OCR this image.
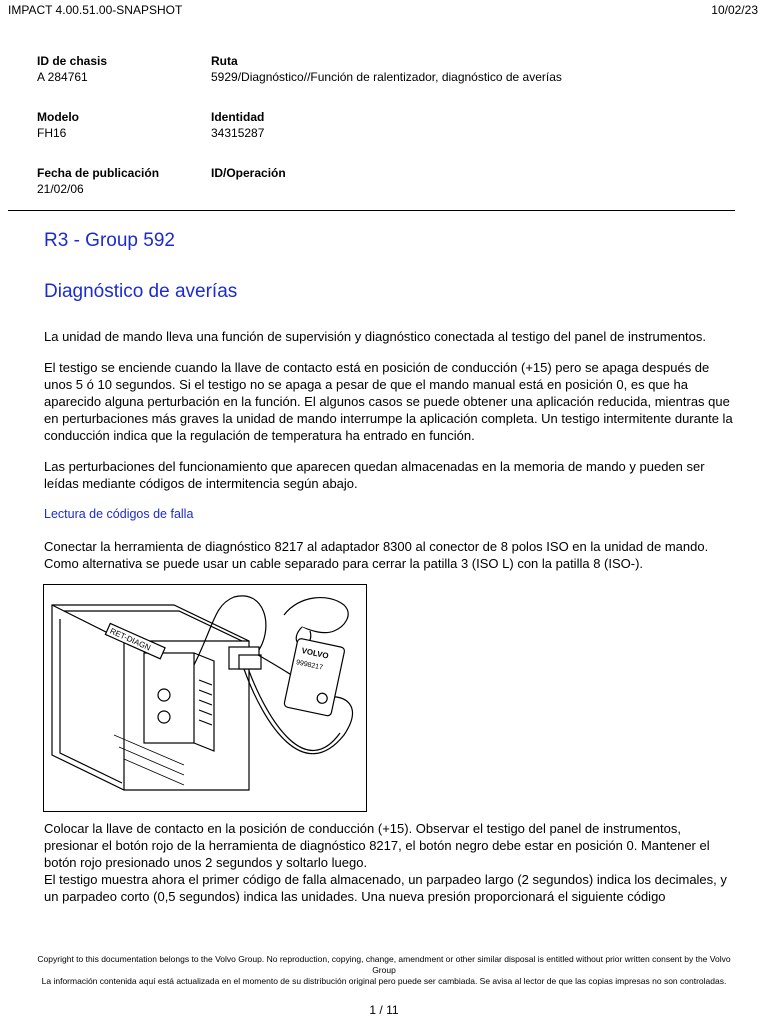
IMPACT 4.00.51.00-SNAPSHOT	10/02/23
ID de chasis
A 284761
Ruta
5929/Diagnóstico//Función de ralentizador, diagnóstico de averías
Modelo
FH16
Identidad
34315287
Fecha de publicación
21/02/06
ID/Operación
R3 - Group 592
Diagnóstico de averías

La unidad de mando lleva una función de supervisión y diagnóstico conectada al testigo del panel de instrumentos.

El testigo se enciende cuando la llave de contacto está en posición de conducción (+15) pero se apaga después de unos 5 ó 10 segundos. Si el testigo no se apaga a pesar de que el mando manual está en posición 0, es que ha aparecido alguna perturbación en la función. El algunos casos se puede obtener una aplicación reducida, mientras que en perturbaciones más graves la unidad de mando interrumpe la aplicación completa. Un testigo intermitente durante la conducción indica que la regulación de temperatura ha entrado en función.

Las perturbaciones del funcionamiento que aparecen quedan almacenadas en la memoria de mando y pueden ser leídas mediante códigos de intermitencia según abajo.

Lectura de códigos de falla

Conectar la herramienta de diagnóstico 8217 al adaptador 8300 al conector de 8 polos ISO en la unidad de mando. Como alternativa se puede usar un cable separado para cerrar la patilla 3 (ISO L) con la patilla 8 (ISO-).

RET-DIAGN
VOLVO
9998217
Colocar la llave de contacto en la posición de conducción (+15). Observar el testigo del panel de instrumentos, presionar el botón rojo de la herramienta de diagnóstico 8217, el botón negro debe estar en posición 0. Mantener el botón rojo presionado unos 2 segundos y soltarlo luego.
El testigo muestra ahora el primer código de falla almacenado, un parpadeo largo (2 segundos) indica los decimales, y un parpadeo corto (0,5 segundos) indica las unidades. Una nueva presión proporcionará el siguiente código
Copyright to this documentation belongs to the Volvo Group. No reproduction, copying, change, amendment or other similar disposal is entitled without prior written consent by the Volvo Group
La información contenida aquí está actualizada en el momento de su distribución original pero puede ser cambiada. Se avisa al lector de que las copias impresas no son controladas.
1 / 11
